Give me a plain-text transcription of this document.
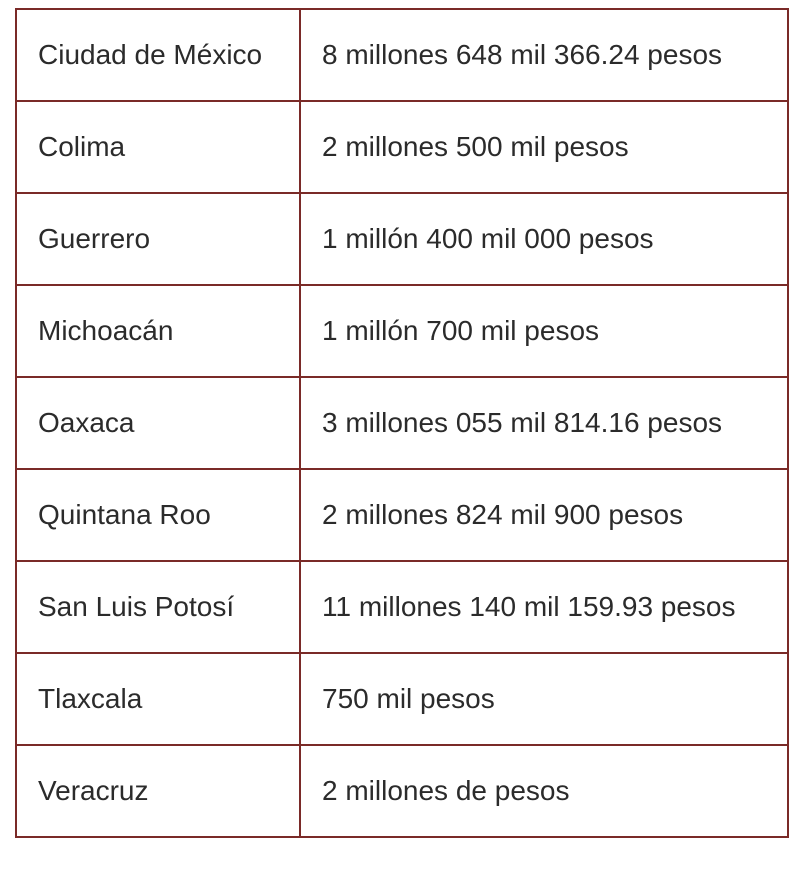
Ciudad de México	8 millones 648 mil 366.24 pesos
Colima	2 millones 500 mil pesos
Guerrero	1 millón 400 mil 000 pesos
Michoacán	1 millón 700 mil pesos
Oaxaca	3 millones 055 mil 814.16 pesos
Quintana Roo	2 millones 824 mil 900 pesos
San Luis Potosí	11 millones 140 mil 159.93 pesos
Tlaxcala	750 mil pesos
Veracruz	2 millones de pesos
